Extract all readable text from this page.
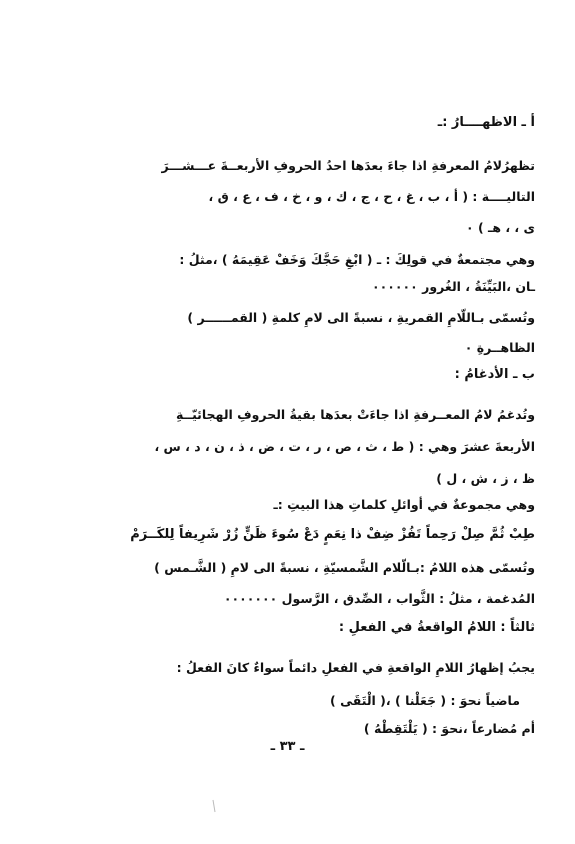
أ ـ الاظهــــارُ :ـ
تظهرُلامُ المعرفةِ اذا جاءَ بعدَها احدُ الحروفِ الأربعــةَ عـــشـــرَ
التاليــــة : ( أ ، ب ، غ ، ح ، ج ، ك ، و ، خ ، ف ، ع ، ق ،
ى ، ، هـ ) ٠
وهي مجتمعةٌ في قولِكَ : ـ ( ابْغِ حَجَّكَ وَخَفْ عَقِيمَهُ ) ،مثلُ :
ـان ،البَيِّنَةُ ، الغُرور ٠٠٠٠٠٠
وتُسمّى بـاللّامِ القمريةِ ، نسبةً الى لامِ كلمةِ ( القمــــــر )
الظاهــرةِ ٠
ب ـ الأدغامُ :
وتُدغمُ لامُ المعــرفةِ اذا جاءَتْ بعدَها بقيةُ الحروفِ الهجائيّــةِ
الأربعةَ عشرَ وهي : ( ط ، ث ، ص ، ر ، ت ، ض ، ذ ، ن ، د ، س ،
ظ ، ز ، ش ، ل )
وهي مجموعةٌ في أوائلِ كلماتِ هذا البيتِ :ـ
طِبْ ثُمَّ صِلْ رَحِماً تَفُزْ ضِفْ ذا نِعَمٍ دَعْ سُوءَ ظَنٍّ زُرْ شَرِيفاً لِلكَــرَمْ
وتُسمّى هذه اللامُ :بـالّلام الشَّمسيّةِ ، نسبةً الى لامِ ( الشَّـمس )
المُدغمة ، مثلُ : الثَّواب ، الصِّدق ، الرَّسول ٠٠٠٠٠٠٠
ثالثاً : اللامُ الواقعةُ في الفعلِ :
يجبُ إظهارُ اللامِ الواقعةِ في الفعلِ دائماً سواءٌ كانَ الفعلُ :
ماضياً نحوَ : ( جَعَلْنا ) ،( الْتَقَى )
أم مُضارعاً ،نحوَ : ( يَلْتَقِطْهُ )
ـ ٣٣ ـ
